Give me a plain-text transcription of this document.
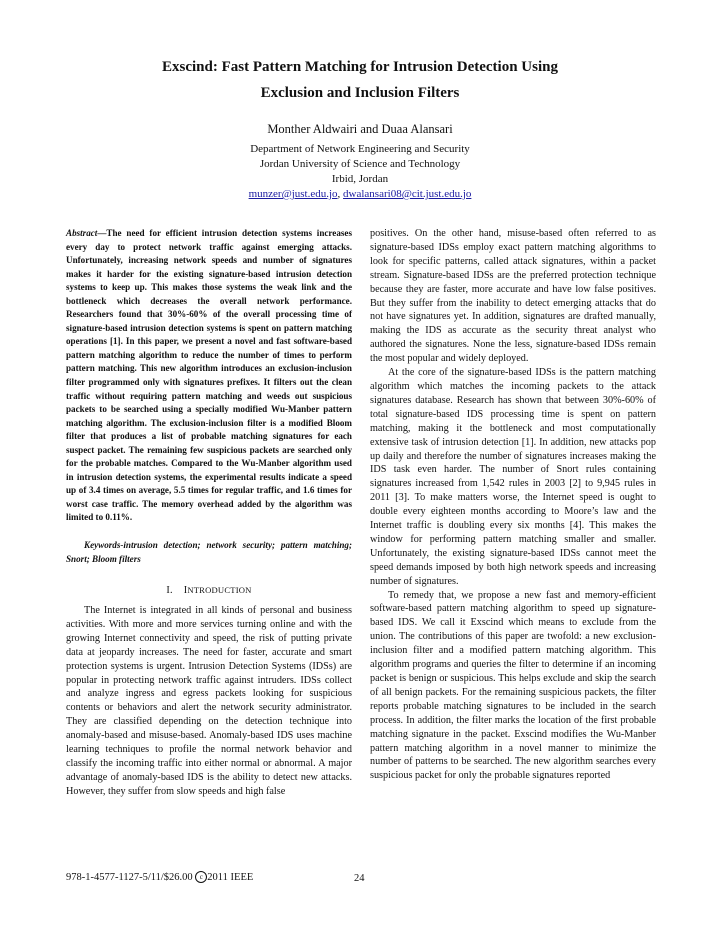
Exscind: Fast Pattern Matching for Intrusion Detection Using
Exclusion and Inclusion Filters
Monther Aldwairi and Duaa Alansari
Department of Network Engineering and Security
Jordan University of Science and Technology
Irbid, Jordan
munzer@just.edu.jo, dwalansari08@cit.just.edu.jo

Abstract—The need for efficient intrusion detection systems increases every day to protect network traffic against emerging attacks. Unfortunately, increasing network speeds and number of signatures makes it harder for the existing signature-based intrusion detection systems to keep up. This makes those systems the weak link and the bottleneck which decreases the overall network performance. Researchers found that 30%-60% of the overall processing time of signature-based intrusion detection systems is spent on pattern matching operations [1]. In this paper, we present a novel and fast software-based pattern matching algorithm to reduce the number of times to perform pattern matching. This new algorithm introduces an exclusion-inclusion filter programmed only with signatures prefixes. It filters out the clean traffic without requiring pattern matching and weeds out suspicious packets to be searched using a specially modified Wu-Manber pattern matching algorithm. The exclusion-inclusion filter is a modified Bloom filter that produces a list of probable matching signatures for each suspect packet. The remaining few suspicious packets are searched only for the probable matches. Compared to the Wu-Manber algorithm used in intrusion detection systems, the experimental results indicate a speed up of 3.4 times on average, 5.5 times for regular traffic, and 1.6 times for worst case traffic. The memory overhead added by the algorithm was limited to 0.11%.

Keywords-intrusion detection; network security; pattern matching; Snort; Bloom filters

I. INTRODUCTION

The Internet is integrated in all kinds of personal and business activities. With more and more services turning online and with the growing Internet connectivity and speed, the risk of putting private data at jeopardy increases. The need for faster, accurate and smart protection systems is urgent. Intrusion Detection Systems (IDSs) are popular in protecting network traffic against intruders. IDSs collect and analyze ingress and egress packets looking for suspicious contents or behaviors and alert the network security administrator. They are classified depending on the detection technique into anomaly-based and misuse-based. Anomaly-based IDS uses machine learning techniques to profile the normal network behavior and classify the incoming traffic into either normal or abnormal. A major advantage of anomaly-based IDS is the ability to detect new attacks. However, they suffer from slow speeds and high false

positives. On the other hand, misuse-based often referred to as signature-based IDSs employ exact pattern matching algorithms to look for specific patterns, called attack signatures, within a packet stream. Signature-based IDSs are the preferred protection technique because they are faster, more accurate and have low false positives. But they suffer from the inability to detect emerging attacks that do not have signatures yet. In addition, signatures are drafted manually, making the IDS as accurate as the security threat analyst who authored the signatures. None the less, signature-based IDSs remain the most popular and widely deployed.

At the core of the signature-based IDSs is the pattern matching algorithm which matches the incoming packets to the attack signatures database. Research has shown that between 30%-60% of total signature-based IDS processing time is spent on pattern matching, making it the bottleneck and most computationally extensive task of intrusion detection [1]. In addition, new attacks pop up daily and therefore the number of signatures increases making the IDS task even harder. The number of Snort rules containing signatures increased from 1,542 rules in 2003 [2] to 9,945 rules in 2011 [3]. To make matters worse, the Internet speed is ought to double every eighteen months according to Moore’s law and the Internet traffic is doubling every six months [4]. This makes the window for performing pattern matching smaller and smaller. Unfortunately, the existing signature-based IDSs cannot meet the speed demands imposed by both high network speeds and increasing number of signatures.

To remedy that, we propose a new fast and memory-efficient software-based pattern matching algorithm to speed up signature-based IDS. We call it Exscind which means to exclude from the union. The contributions of this paper are twofold: a new exclusion-inclusion filter and a modified pattern matching algorithm. This algorithm programs and queries the filter to determine if an incoming packet is benign or suspicious. This helps exclude and skip the search of all benign packets. For the remaining suspicious packets, the filter reports probable matching signatures to be included in the search process. In addition, the filter marks the location of the first probable matching signature in the packet. Exscind modifies the Wu-Manber pattern matching algorithm in a novel manner to minimize the number of patterns to be searched. The new algorithm searches every suspicious packet for only the probable signatures reported

978-1-4577-1127-5/11/$26.00 c 2011 IEEE	24
